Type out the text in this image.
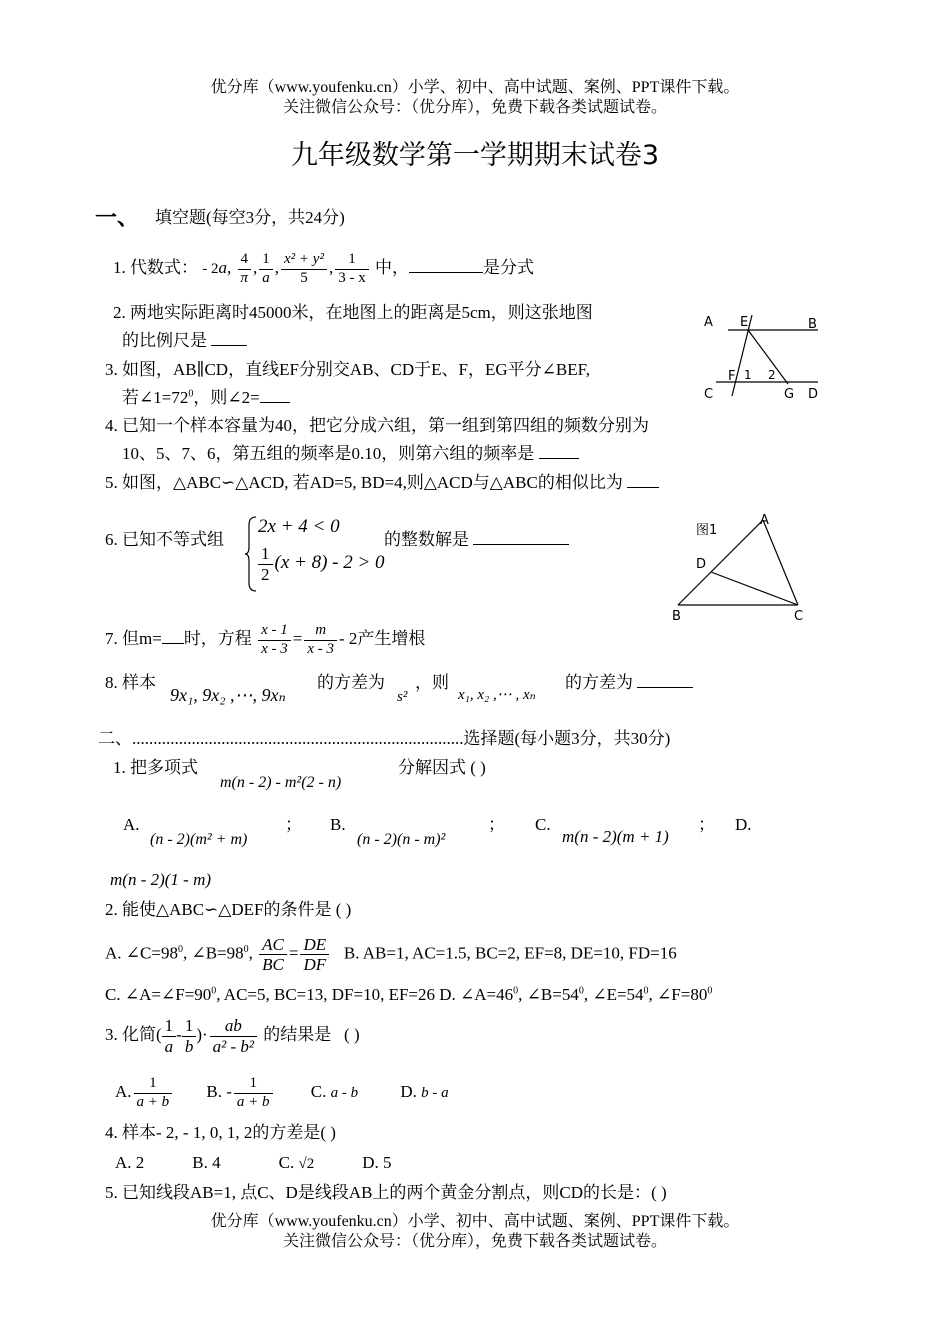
优分库（www.youfenku.cn）小学、初中、高中试题、案例、PPT课件下载。
关注微信公众号：（优分库），免费下载各类试题试卷。
九年级数学第一学期期末试卷3
一、 填空题(每空3分，共24分)
1. 代数式： - 2a, $\frac{4}{\pi}$ , $\frac{1}{a}$ , $\frac{\text{x² + y²}}{5}$ , $\frac{1}{3 - x}$ 中，	是分式
2. 两地实际距离时45000米，在地图上的距离是5cm，则这张地图
的比例尺是
3. 如图，AB∥CD，直线EF分别交AB、CD于E、F，EG平分∠BEF,
若$\angle 1=72^0$，则∠2=
A E	B
C
F 1 2
G D
4. 已知一个样本容量为40，把它分成六组，第一组到第四组的频数分别为
10、5、7、6，第五组的频率是0.10，则第六组的频率是
5. 如图，△ABC∽△ACD, 若AD=5, BD=4,则△ACD与△ABC的相似比为
6. 已知不等式组
2x + 4 < 0
$\frac{1}{2} (x + 8) - 2 > 0$
的整数解是	图1
A
D
B	C
7. 但m= 时，方程 $\frac{x - 1}{x - 3} = \frac{m}{x - 3} - 2$产生增根
8. 样本
9x₁, 9x₂ ,⋯, 9xₙ
的方差为
s²
，则
x₁, x₂ ,⋯ , xₙ
的方差为
二、..............................................................................选择题(每小题3分，共30分)
1. 把多项式
m(n - 2) - m²(2 - n)
分解因式 ( )
A.
(n - 2)(m² + m)
； B.
(n - 2)(n - m)²
； C.
m(n - 2)(m + 1)
； D.
m(n - 2)(1 - m)
2. 能使△ABC∽△DEF的条件是 ( )
A. $\angle C=98^0$, $\angle B=98^0$, $\frac{AC}{BC} = \frac{DE}{DF} B$. AB=1, AC=1.5, BC=2, EF=8, DE=10, FD=16
C. $\angle A=\angle F=90^0$, AC=5, BC=13, DF=10, EF=26 D. $\angle A=46^0$, $\angle B=54^0$, $\angle E=54^0$, $\angle F=80^0$
3. 化简( $\frac{1}{a} - \frac{1}{b}$ )· $\frac{ab}{\text{a² - b²}}$ 的结果是 ( )
A. $\frac{1}{a + b} B$. - $\frac{1}{a + b} C$. a - b D. b - a
4. 样本- 2, - 1, 0, 1, 2的方差是( )
A. 2	B. 4	C. √2	D. 5
5. 已知线段AB=1, 点C、D是线段AB上的两个黄金分割点，则CD的长是：( )
优分库（www.youfenku.cn）小学、初中、高中试题、案例、PPT课件下载。
关注微信公众号：（优分库），免费下载各类试题试卷。
